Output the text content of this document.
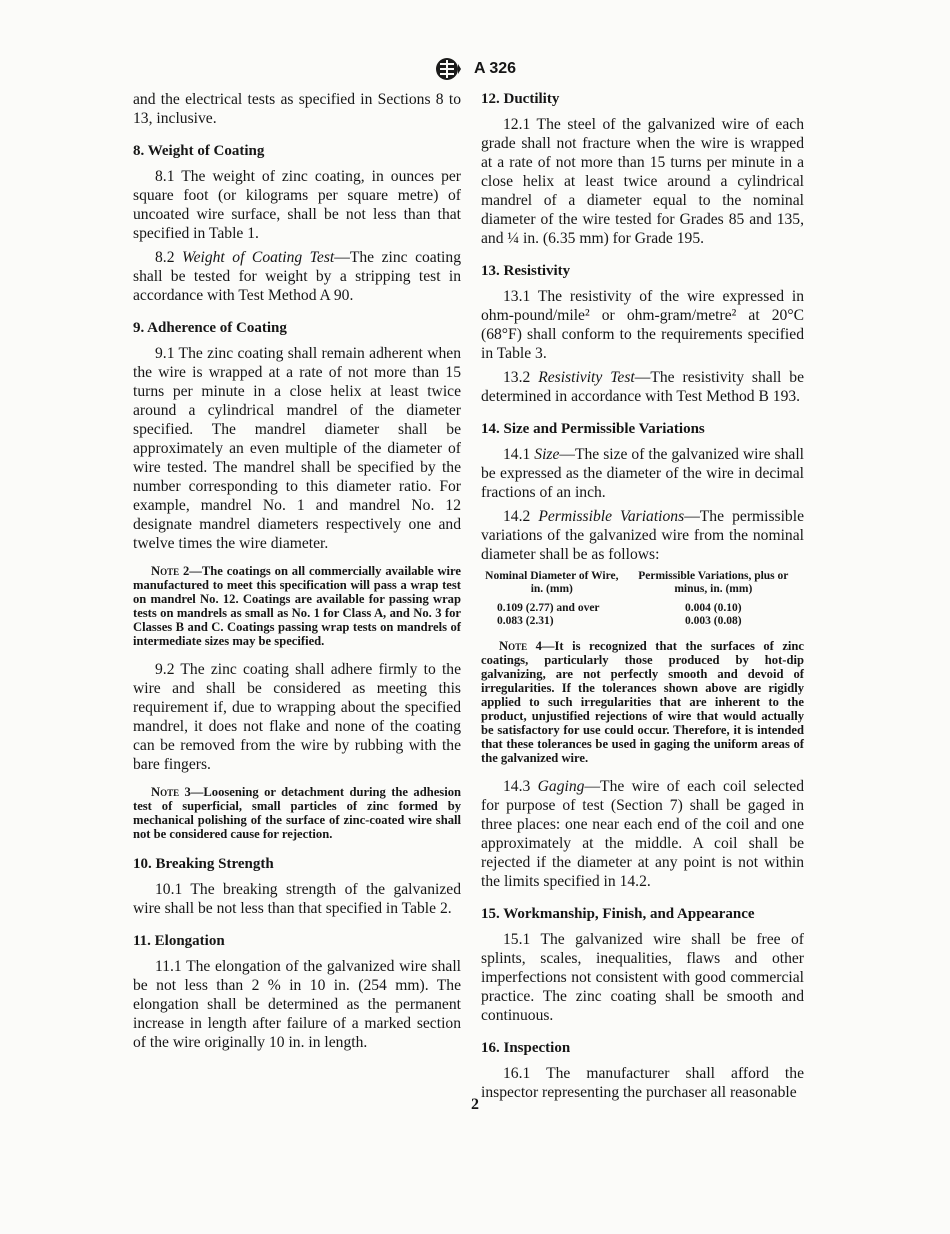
A 326

and the electrical tests as specified in Sections 8 to 13, inclusive.

8. Weight of Coating

8.1 The weight of zinc coating, in ounces per square foot (or kilograms per square metre) of uncoated wire surface, shall be not less than that specified in Table 1.

8.2 Weight of Coating Test—The zinc coating shall be tested for weight by a stripping test in accordance with Test Method A 90.

9. Adherence of Coating

9.1 The zinc coating shall remain adherent when the wire is wrapped at a rate of not more than 15 turns per minute in a close helix at least twice around a cylindrical mandrel of the diameter specified. The mandrel diameter shall be approximately an even multiple of the diameter of wire tested. The mandrel shall be specified by the number corresponding to this diameter ratio. For example, mandrel No. 1 and mandrel No. 12 designate mandrel diameters respectively one and twelve times the wire diameter.

Note 2—The coatings on all commercially available wire manufactured to meet this specification will pass a wrap test on mandrel No. 12. Coatings are available for passing wrap tests on mandrels as small as No. 1 for Class A, and No. 3 for Classes B and C. Coatings passing wrap tests on mandrels of intermediate sizes may be specified.

9.2 The zinc coating shall adhere firmly to the wire and shall be considered as meeting this requirement if, due to wrapping about the specified mandrel, it does not flake and none of the coating can be removed from the wire by rubbing with the bare fingers.

Note 3—Loosening or detachment during the adhesion test of superficial, small particles of zinc formed by mechanical polishing of the surface of zinc-coated wire shall not be considered cause for rejection.
10. Breaking Strength

10.1 The breaking strength of the galvanized wire shall be not less than that specified in Table 2.

11. Elongation

11.1 The elongation of the galvanized wire shall be not less than 2 % in 10 in. (254 mm). The elongation shall be determined as the permanent increase in length after failure of a marked section of the wire originally 10 in. in length.

12. Ductility

12.1 The steel of the galvanized wire of each grade shall not fracture when the wire is wrapped at a rate of not more than 15 turns per minute in a close helix at least twice around a cylindrical mandrel of a diameter equal to the nominal diameter of the wire tested for Grades 85 and 135, and ¼ in. (6.35 mm) for Grade 195.

13. Resistivity

13.1 The resistivity of the wire expressed in ohm-pound/mile² or ohm-gram/metre² at 20°C (68°F) shall conform to the requirements specified in Table 3.

13.2 Resistivity Test—The resistivity shall be determined in accordance with Test Method B 193.

14. Size and Permissible Variations

14.1 Size—The size of the galvanized wire shall be expressed as the diameter of the wire in decimal fractions of an inch.

14.2 Permissible Variations—The permissible variations of the galvanized wire from the nominal diameter shall be as follows:

Nominal Diameter of Wire, in. (mm)	Permissible Variations, plus or minus, in. (mm)
0.109 (2.77) and over	0.004 (0.10)
0.083 (2.31)	0.003 (0.08)
Note 4—It is recognized that the surfaces of zinc coatings, particularly those produced by hot-dip galvanizing, are not perfectly smooth and devoid of irregularities. If the tolerances shown above are rigidly applied to such irregularities that are inherent to the product, unjustified rejections of wire that would actually be satisfactory for use could occur. Therefore, it is intended that these tolerances be used in gaging the uniform areas of the galvanized wire.

14.3 Gaging—The wire of each coil selected for purpose of test (Section 7) shall be gaged in three places: one near each end of the coil and one approximately at the middle. A coil shall be rejected if the diameter at any point is not within the limits specified in 14.2.

15. Workmanship, Finish, and Appearance

15.1 The galvanized wire shall be free of splints, scales, inequalities, flaws and other imperfections not consistent with good commercial practice. The zinc coating shall be smooth and continuous.

16. Inspection

16.1 The manufacturer shall afford the inspector representing the purchaser all reasonable

2
